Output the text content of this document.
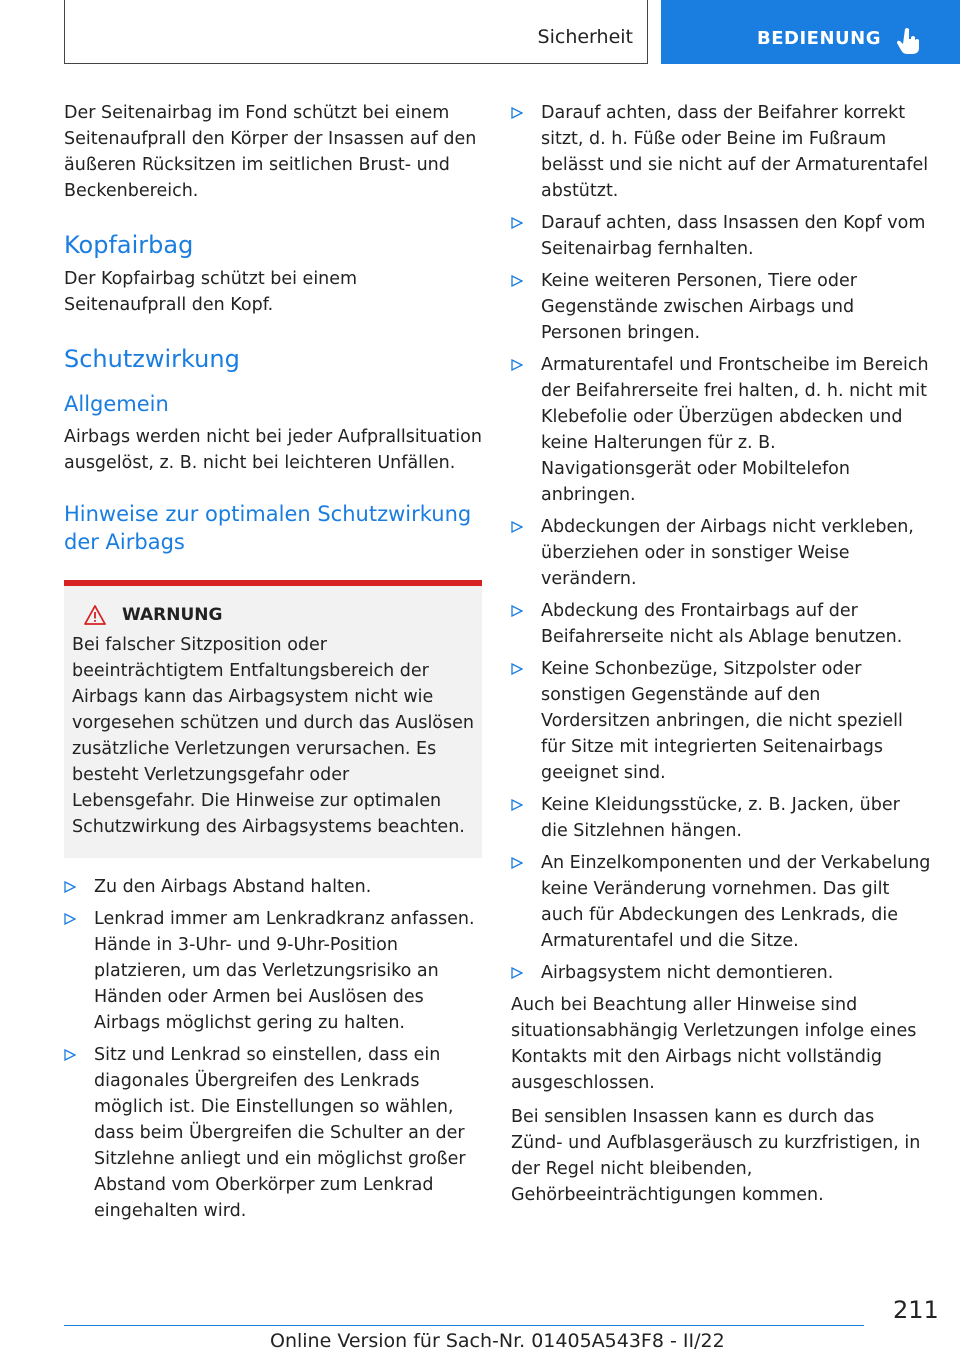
Sicherheit	BEDIENUNG

Der Seitenairbag im Fond schützt bei einem Seitenaufprall den Körper der Insassen auf den äußeren Rücksitzen im seitlichen Brust- und Beckenbereich.

Kopfairbag

Der Kopfairbag schützt bei einem Seitenaufprall den Kopf.

Schutzwirkung
Allgemein

Airbags werden nicht bei jeder Aufprallsituation ausgelöst, z. B. nicht bei leichteren Unfällen.

Hinweise zur optimalen Schutzwirkung der Airbags
WARNUNG
Bei falscher Sitzposition oder beeinträchtigtem Entfaltungsbereich der Airbags kann das Airbagsystem nicht wie vorgesehen schützen und durch das Auslösen zusätzliche Verletzungen verursachen. Es besteht Verletzungsgefahr oder Lebensgefahr. Die Hinweise zur optimalen Schutzwirkung des Airbagsystems beachten.
Zu den Airbags Abstand halten.
Lenkrad immer am Lenkradkranz anfassen. Hände in 3-Uhr- und 9-Uhr-Position platzieren, um das Verletzungsrisiko an Händen oder Armen bei Auslösen des Airbags möglichst gering zu halten.
Sitz und Lenkrad so einstellen, dass ein diagonales Übergreifen des Lenkrads möglich ist. Die Einstellungen so wählen, dass beim Übergreifen die Schulter an der Sitzlehne anliegt und ein möglichst großer Abstand vom Oberkörper zum Lenkrad eingehalten wird.
Darauf achten, dass der Beifahrer korrekt sitzt, d. h. Füße oder Beine im Fußraum belässt und sie nicht auf der Armaturentafel abstützt.
Darauf achten, dass Insassen den Kopf vom Seitenairbag fernhalten.
Keine weiteren Personen, Tiere oder Gegenstände zwischen Airbags und Personen bringen.
Armaturentafel und Frontscheibe im Bereich der Beifahrerseite frei halten, d. h. nicht mit Klebefolie oder Überzügen abdecken und keine Halterungen für z. B. Navigationsgerät oder Mobiltelefon anbringen.
Abdeckungen der Airbags nicht verkleben, überziehen oder in sonstiger Weise verändern.
Abdeckung des Frontairbags auf der Beifahrerseite nicht als Ablage benutzen.
Keine Schonbezüge, Sitzpolster oder sonstigen Gegenstände auf den Vordersitzen anbringen, die nicht speziell für Sitze mit integrierten Seitenairbags geeignet sind.
Keine Kleidungsstücke, z. B. Jacken, über die Sitzlehnen hängen.
An Einzelkomponenten und der Verkabelung keine Veränderung vornehmen. Das gilt auch für Abdeckungen des Lenkrads, die Armaturentafel und die Sitze.
Airbagsystem nicht demontieren.

Auch bei Beachtung aller Hinweise sind situationsabhängig Verletzungen infolge eines Kontakts mit den Airbags nicht vollständig ausgeschlossen.

Bei sensiblen Insassen kann es durch das Zünd- und Aufblasgeräusch zu kurzfristigen, in der Regel nicht bleibenden, Gehörbeeinträchtigungen kommen.

211
Online Version für Sach-Nr. 01405A543F8 - II/22
